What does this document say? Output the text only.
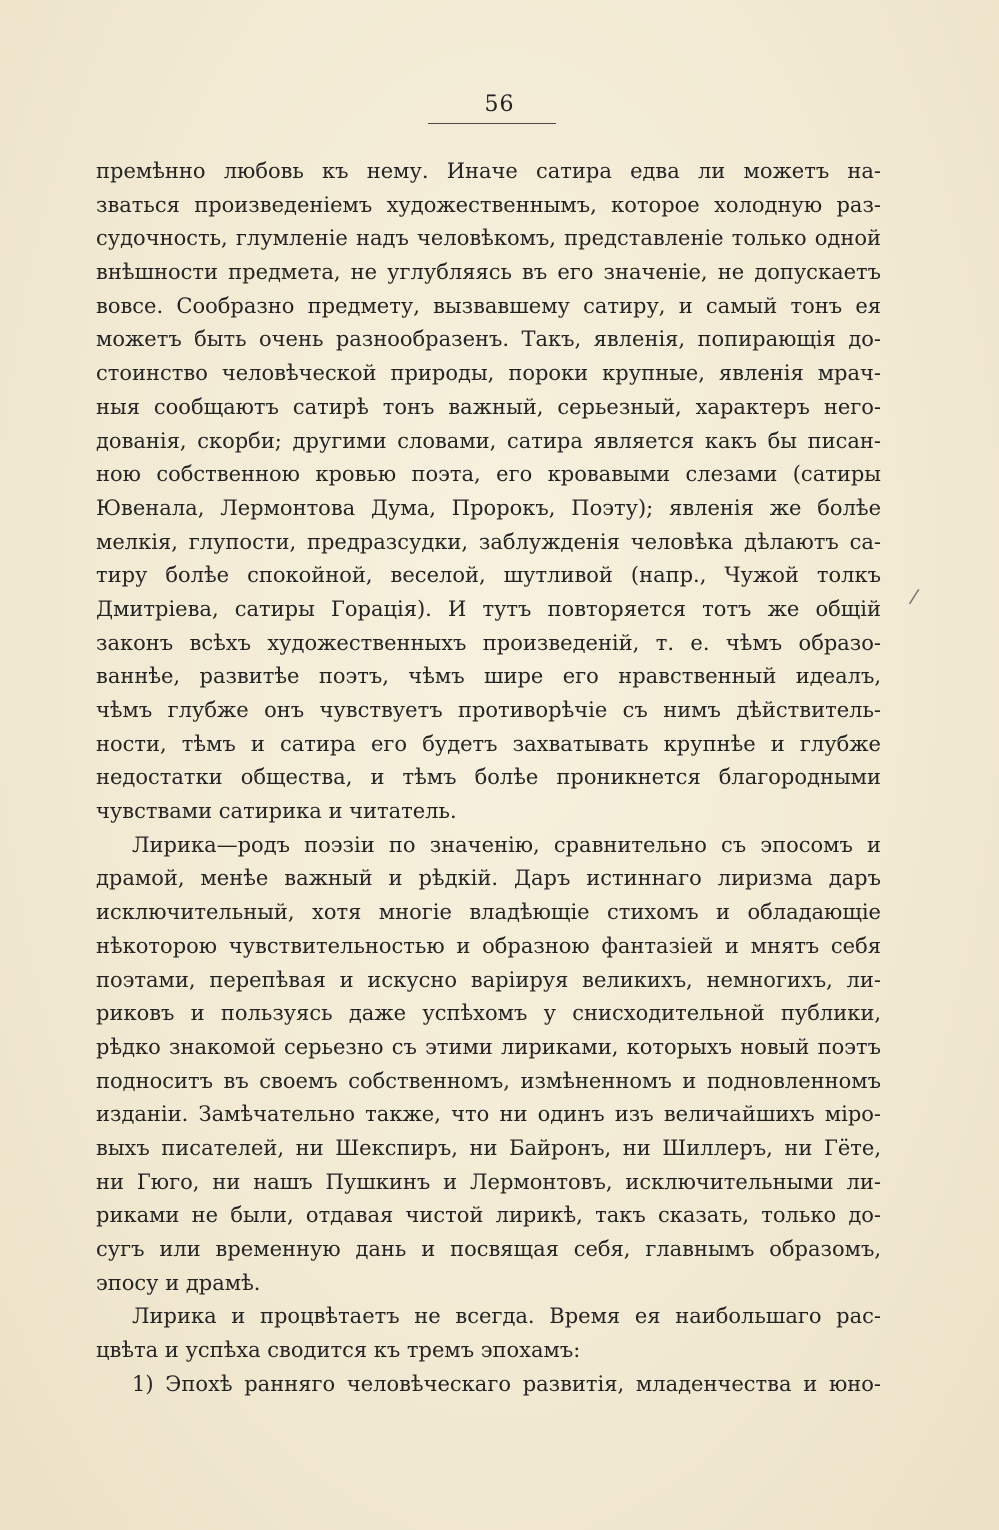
56
/
премѣнно любовь къ нему. Иначе сатира едва ли можетъ на-
зваться произведеніемъ художественнымъ, которое холодную раз-
судочность, глумленіе надъ человѣкомъ, представленіе только одной
внѣшности предмета, не углубляясь въ его значеніе, не допускаетъ
вовсе. Сообразно предмету, вызвавшему сатиру, и самый тонъ ея
можетъ быть очень разнообразенъ. Такъ, явленія, попирающія до-
стоинство человѣческой природы, пороки крупные, явленія мрач-
ныя сообщаютъ сатирѣ тонъ важный, серьезный, характеръ него-
дованія, скорби; другими словами, сатира является какъ бы писан-
ною собственною кровью поэта, его кровавыми слезами (сатиры
Ювенала, Лермонтова Дума, Пророкъ, Поэту); явленія же болѣе
мелкія, глупости, предразсудки, заблужденія человѣка дѣлаютъ са-
тиру болѣе спокойной, веселой, шутливой (напр., Чужой толкъ
Дмитріева, сатиры Горація). И тутъ повторяется тотъ же общій
законъ всѣхъ художественныхъ произведеній, т. е. чѣмъ образо-
ваннѣе, развитѣе поэтъ, чѣмъ шире его нравственный идеалъ,
чѣмъ глубже онъ чувствуетъ противорѣчіе съ нимъ дѣйствитель-
ности, тѣмъ и сатира его будетъ захватывать крупнѣе и глубже
недостатки общества, и тѣмъ болѣе проникнется благородными
чувствами сатирика и читатель.
Лирика—родъ поэзіи по значенію, сравнительно съ эпосомъ и
драмой, менѣе важный и рѣдкій. Даръ истиннаго лиризма даръ
исключительный, хотя многіе владѣющіе стихомъ и обладающіе
нѣкоторою чувствительностью и образною фантазіей и мнятъ себя
поэтами, перепѣвая и искусно варіируя великихъ, немногихъ, ли-
риковъ и пользуясь даже успѣхомъ у снисходительной публики,
рѣдко знакомой серьезно съ этими лириками, которыхъ новый поэтъ
подноситъ въ своемъ собственномъ, измѣненномъ и подновленномъ
изданіи. Замѣчательно также, что ни одинъ изъ величайшихъ міро-
выхъ писателей, ни Шекспиръ, ни Байронъ, ни Шиллеръ, ни Гёте,
ни Гюго, ни нашъ Пушкинъ и Лермонтовъ, исключительными ли-
риками не были, отдавая чистой лирикѣ, такъ сказать, только до-
сугъ или временную дань и посвящая себя, главнымъ образомъ,
эпосу и драмѣ.
Лирика и процвѣтаетъ не всегда. Время ея наибольшаго рас-
цвѣта и успѣха сводится къ тремъ эпохамъ:
1) Эпохѣ ранняго человѣческаго развитія, младенчества и юно-
